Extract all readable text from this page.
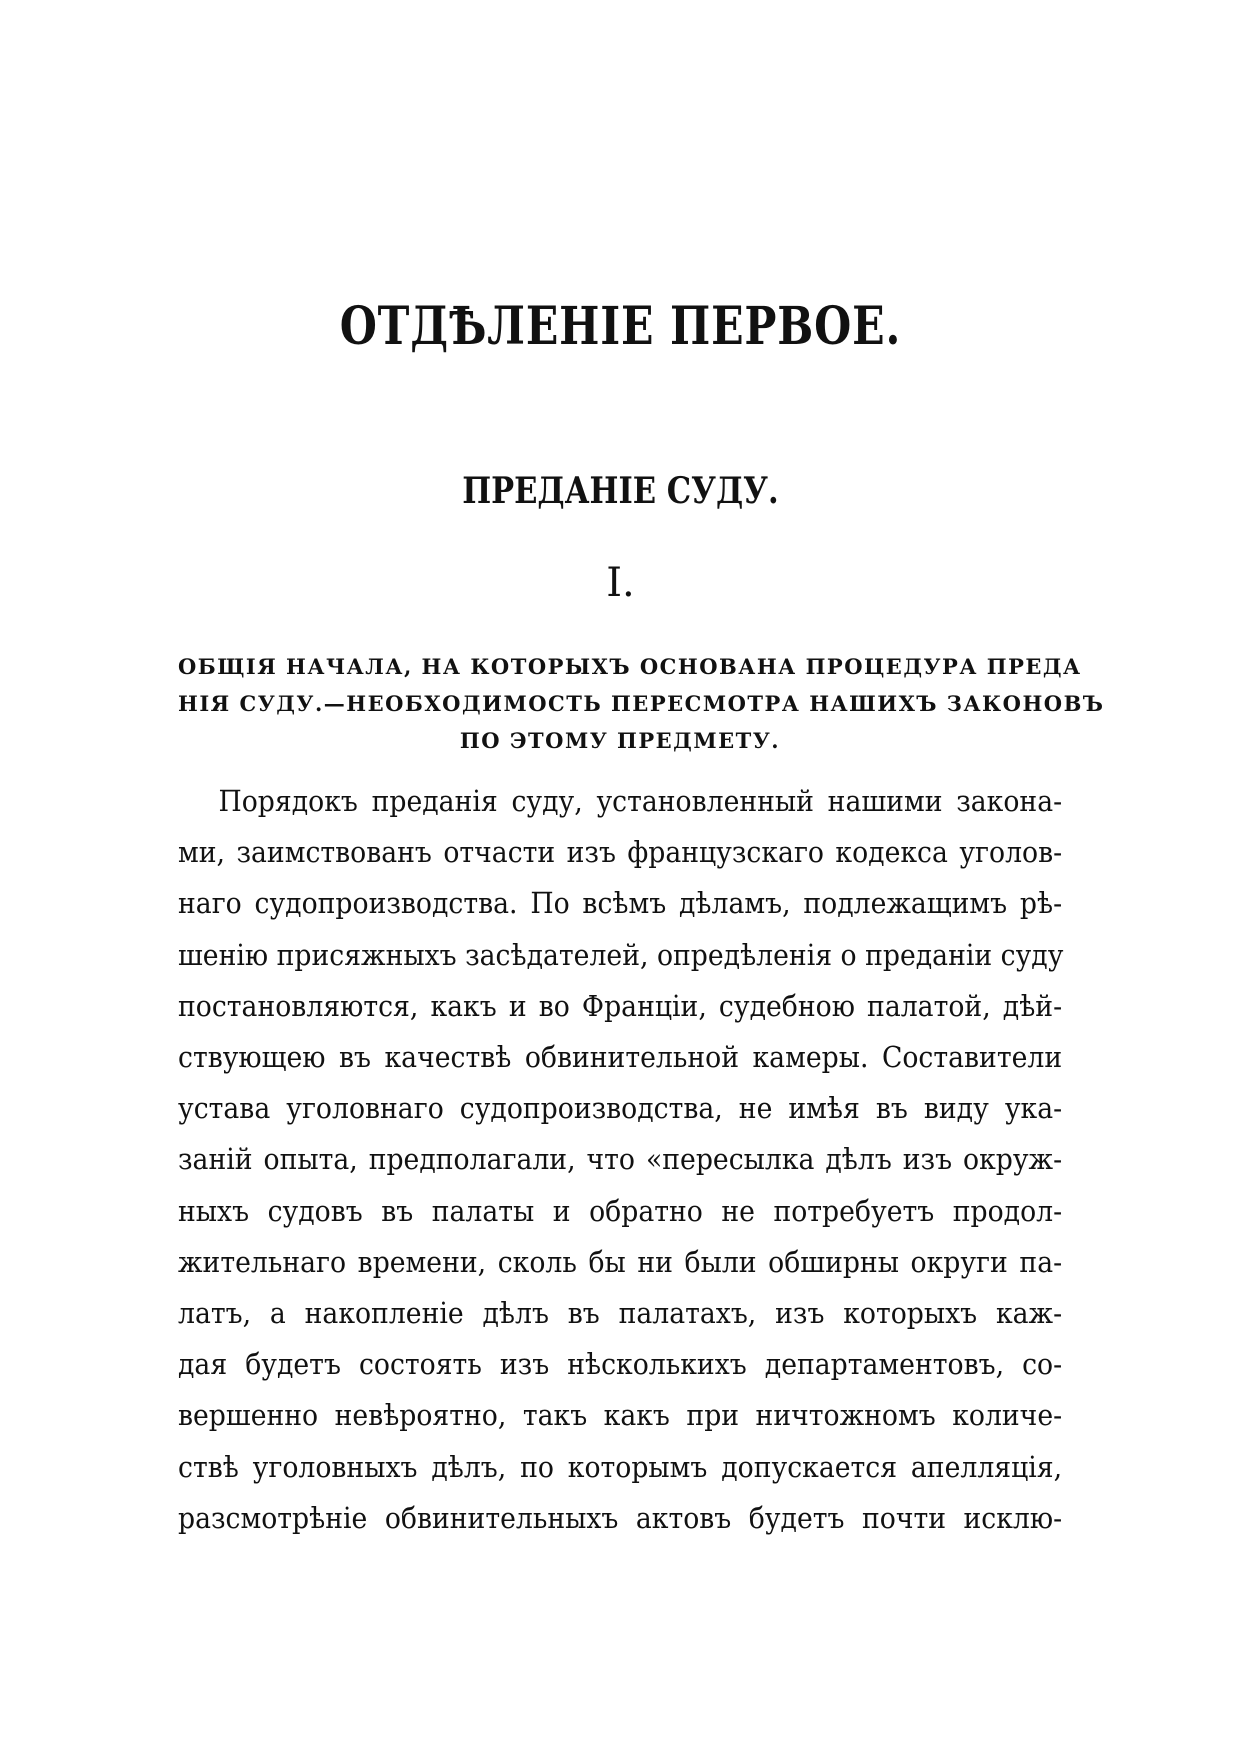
ОТДѢЛЕНІЕ ПЕРВОЕ.
ПРЕДАНІЕ СУДУ.
I.
ОБЩІЯ НАЧАЛА, НА КОТОРЫХЪ ОСНОВАНА ПРОЦЕДУРА ПРЕДА
НІЯ СУДУ.—НЕОБХОДИМОСТЬ ПЕРЕСМОТРА НАШИХЪ ЗАКОНОВЪ
ПО ЭТОМУ ПРЕДМЕТУ.
Порядокъ преданія суду, установленный нашими закона-
ми, заимствованъ отчасти изъ французскаго кодекса уголов-
наго судопроизводства. По всѣмъ дѣламъ, подлежащимъ рѣ-
шенію присяжныхъ засѣдателей, опредѣленія о преданіи суду
постановляются, какъ и во Франціи, судебною палатой, дѣй-
ствующею въ качествѣ обвинительной камеры. Составители
устава уголовнаго судопроизводства, не имѣя въ виду ука-
заній опыта, предполагали, что «пересылка дѣлъ изъ окруж-
ныхъ судовъ въ палаты и обратно не потребуетъ продол-
жительнаго времени, сколь бы ни были обширны округи па-
латъ, а накопленіе дѣлъ въ палатахъ, изъ которыхъ каж-
дая будетъ состоять изъ нѣсколькихъ департаментовъ, со-
вершенно невѣроятно, такъ какъ при ничтожномъ количе-
ствѣ уголовныхъ дѣлъ, по которымъ допускается апелляція,
разсмотрѣніе обвинительныхъ актовъ будетъ почти исклю-
